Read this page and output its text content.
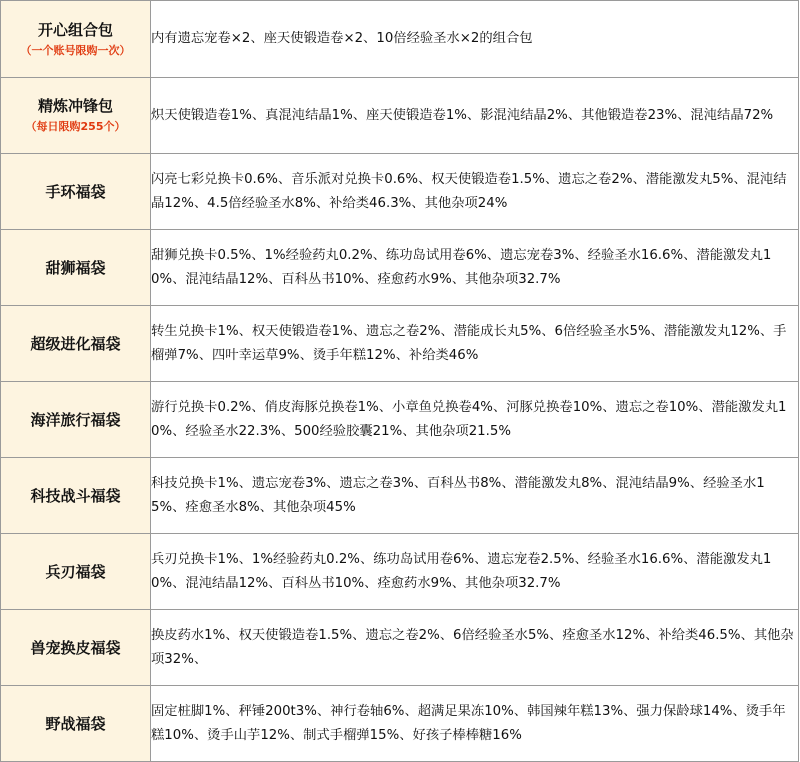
开心组合包
（一个账号限购一次）	内有遗忘宠卷×2、座天使锻造卷×2、10倍经验圣水×2的组合包

精炼冲锋包
（每日限购255个）	炽天使锻造卷1%、真混沌结晶1%、座天使锻造卷1%、影混沌结晶2%、其他锻造卷23%、混沌结晶72%

手环福袋	闪亮七彩兑换卡0.6%、音乐派对兑换卡0.6%、权天使锻造卷1.5%、遗忘之卷2%、潜能激发丸5%、混沌结晶12%、4.5倍经验圣水8%、补给类46.3%、其他杂项24%

甜狮福袋	甜狮兑换卡0.5%、1%经验药丸0.2%、练功岛试用卷6%、遗忘宠卷3%、经验圣水16.6%、潜能激发丸10%、混沌结晶12%、百科丛书10%、痊愈药水9%、其他杂项32.7%

超级进化福袋	转生兑换卡1%、权天使锻造卷1%、遗忘之卷2%、潜能成长丸5%、6倍经验圣水5%、潜能激发丸12%、手榴弹7%、四叶幸运草9%、烫手年糕12%、补给类46%

海洋旅行福袋	游行兑换卡0.2%、俏皮海豚兑换卷1%、小章鱼兑换卷4%、河豚兑换卷10%、遗忘之卷10%、潜能激发丸10%、经验圣水22.3%、500经验胶囊21%、其他杂项21.5%

科技战斗福袋	科技兑换卡1%、遗忘宠卷3%、遗忘之卷3%、百科丛书8%、潜能激发丸8%、混沌结晶9%、经验圣水15%、痊愈圣水8%、其他杂项45%

兵刃福袋	兵刃兑换卡1%、1%经验药丸0.2%、练功岛试用卷6%、遗忘宠卷2.5%、经验圣水16.6%、潜能激发丸10%、混沌结晶12%、百科丛书10%、痊愈药水9%、其他杂项32.7%

兽宠换皮福袋	换皮药水1%、权天使锻造卷1.5%、遗忘之卷2%、6倍经验圣水5%、痊愈圣水12%、补给类46.5%、其他杂项32%、

野战福袋	固定桩脚1%、秤锤200t3%、神行卷轴6%、超满足果冻10%、韩国辣年糕13%、强力保龄球14%、烫手年糕10%、烫手山芋12%、制式手榴弹15%、好孩子棒棒糖16%
